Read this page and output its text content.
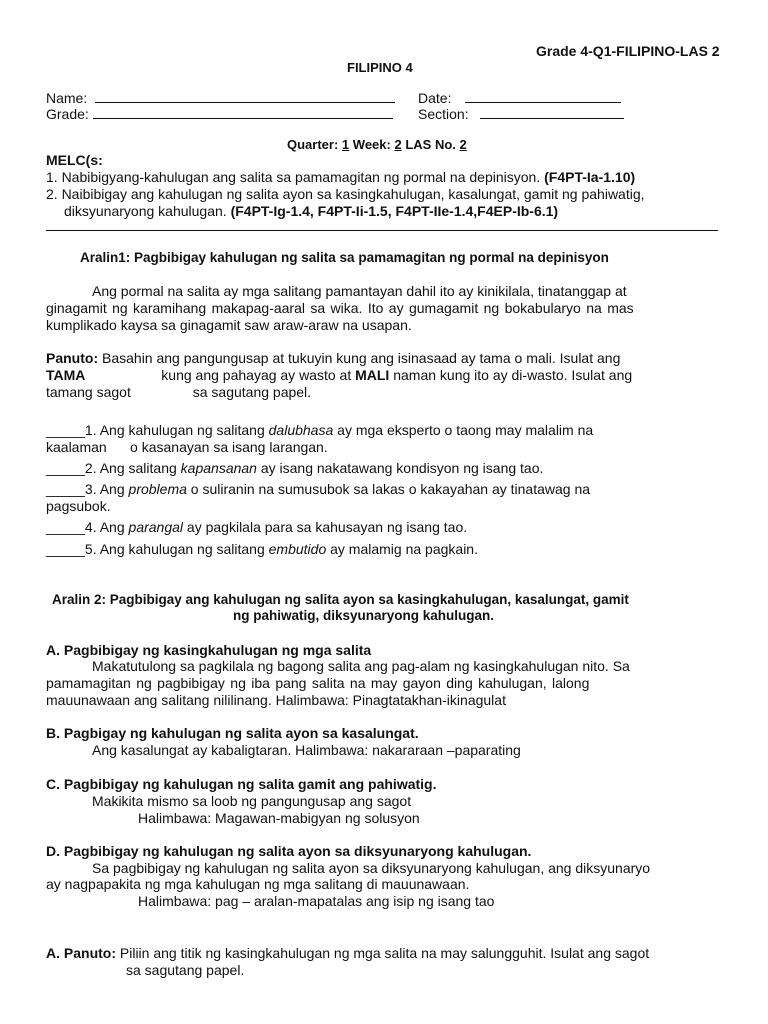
Grade 4-Q1-FILIPINO-LAS 2
FILIPINO 4
Name:	Date:
Grade:	Section:
Quarter: 1 Week: 2 LAS No. 2
MELC(s:
1. Nabibigyang-kahulugan ang salita sa pamamagitan ng pormal na depinisyon. (F4PT-Ia-1.10)
2. Naibibigay ang kahulugan ng salita ayon sa kasingkahulugan, kasalungat, gamit ng pahiwatig,
diksyunaryong kahulugan. (F4PT-Ig-1.4, F4PT-Ii-1.5, F4PT-IIe-1.4,F4EP-Ib-6.1)
Aralin1: Pagbibigay kahulugan ng salita sa pamamagitan ng pormal na depinisyon
Ang pormal na salita ay mga salitang pamantayan dahil ito ay kinikilala, tinatanggap at
ginagamit ng karamihang makapag-aaral sa wika. Ito ay gumagamit ng bokabularyo na mas
kumplikado kaysa sa ginagamit saw araw-araw na usapan.
Panuto: Basahin ang pangungusap at tukuyin kung ang isinasaad ay tama o mali. Isulat ang
TAMA	kung ang pahayag ay wasto at MALI naman kung ito ay di-wasto. Isulat ang
tamang sagot	sa sagutang papel.
_____1. Ang kahulugan ng salitang dalubhasa ay mga eksperto o taong may malalim na
kaalaman      o kasanayan sa isang larangan.
_____2. Ang salitang kapansanan ay isang nakatawang kondisyon ng isang tao.
_____3. Ang problema o suliranin na sumusubok sa lakas o kakayahan ay tinatawag na
pagsubok.
_____4. Ang parangal ay pagkilala para sa kahusayan ng isang tao.
_____5. Ang kahulugan ng salitang embutido ay malamig na pagkain.
Aralin 2: Pagbibigay ang kahulugan ng salita ayon sa kasingkahulugan, kasalungat, gamit
ng pahiwatig, diksyunaryong kahulugan.
A. Pagbibigay ng kasingkahulugan ng mga salita
Makatutulong sa pagkilala ng bagong salita ang pag-alam ng kasingkahulugan nito. Sa
pamamagitan ng pagbibigay ng iba pang salita na may gayon ding kahulugan, lalong
mauunawaan ang salitang nililinang. Halimbawa: Pinagtatakhan-ikinagulat
B. Pagbigay ng kahulugan ng salita ayon sa kasalungat.
Ang kasalungat ay kabaligtaran. Halimbawa: nakararaan –paparating
C. Pagbibigay ng kahulugan ng salita gamit ang pahiwatig.
Makikita mismo sa loob ng pangungusap ang sagot
Halimbawa: Magawan-mabigyan ng solusyon
D. Pagbibigay ng kahulugan ng salita ayon sa diksyunaryong kahulugan.
Sa pagbibigay ng kahulugan ng salita ayon sa diksyunaryong kahulugan, ang diksyunaryo
ay nagpapakita ng mga kahulugan ng mga salitang di mauunawaan.
Halimbawa: pag – aralan-mapatalas ang isip ng isang tao
A. Panuto: Piliin ang titik ng kasingkahulugan ng mga salita na may salungguhit. Isulat ang sagot
sa sagutang papel.
